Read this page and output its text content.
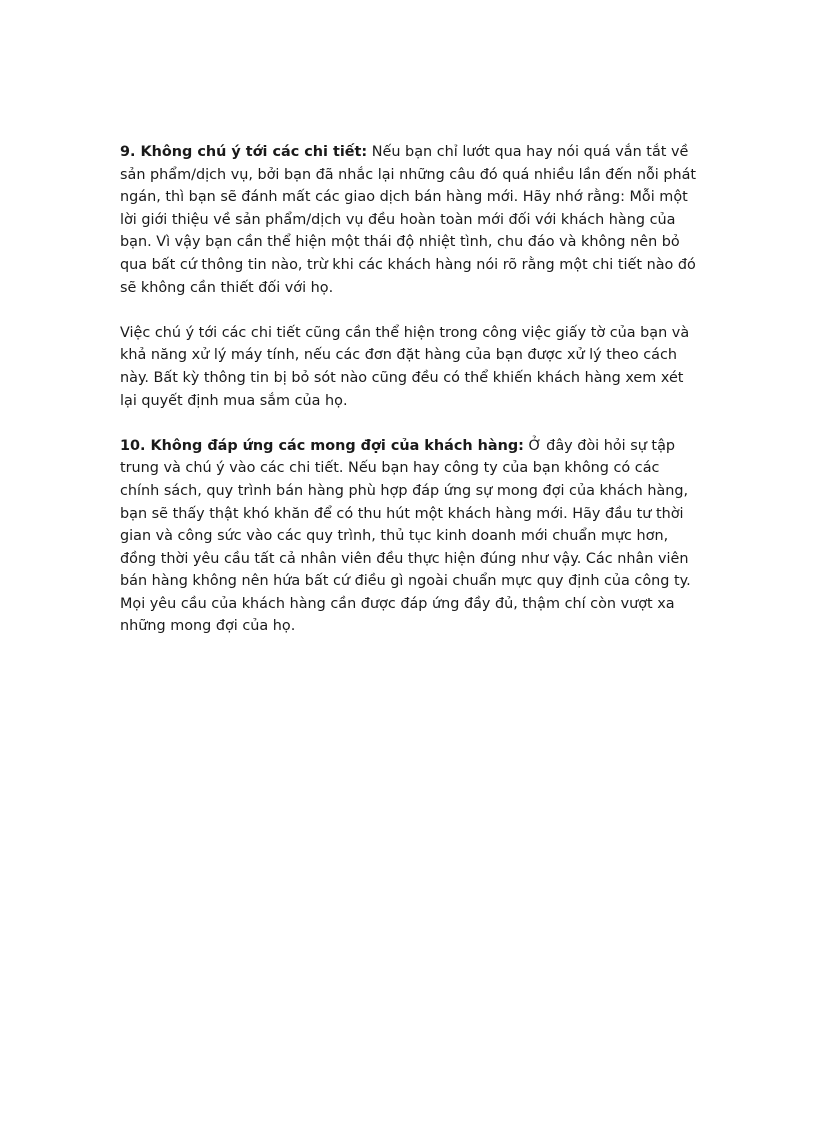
9. Không chú ý tới các chi tiết: Nếu bạn chỉ lướt qua hay nói quá vắn tắt về sản phẩm/dịch vụ, bởi bạn đã nhắc lại những câu đó quá nhiều lần đến nỗi phát ngán, thì bạn sẽ đánh mất các giao dịch bán hàng mới. Hãy nhớ rằng: Mỗi một lời giới thiệu về sản phẩm/dịch vụ đều hoàn toàn mới đối với khách hàng của bạn. Vì vậy bạn cần thể hiện một thái độ nhiệt tình, chu đáo và không nên bỏ qua bất cứ thông tin nào, trừ khi các khách hàng nói rõ rằng một chi tiết nào đó sẽ không cần thiết đối với họ.

Việc chú ý tới các chi tiết cũng cần thể hiện trong công việc giấy tờ của bạn và khả năng xử lý máy tính, nếu các đơn đặt hàng của bạn được xử lý theo cách này. Bất kỳ thông tin bị bỏ sót nào cũng đều có thể khiến khách hàng xem xét lại quyết định mua sắm của họ.

10. Không đáp ứng các mong đợi của khách hàng: Ở đây đòi hỏi sự tập trung và chú ý vào các chi tiết. Nếu bạn hay công ty của bạn không có các chính sách, quy trình bán hàng phù hợp đáp ứng sự mong đợi của khách hàng, bạn sẽ thấy thật khó khăn để có thu hút một khách hàng mới. Hãy đầu tư thời gian và công sức vào các quy trình, thủ tục kinh doanh mới chuẩn mực hơn, đồng thời yêu cầu tất cả nhân viên đều thực hiện đúng như vậy. Các nhân viên bán hàng không nên hứa bất cứ điều gì ngoài chuẩn mực quy định của công ty. Mọi yêu cầu của khách hàng cần được đáp ứng đầy đủ, thậm chí còn vượt xa những mong đợi của họ.
